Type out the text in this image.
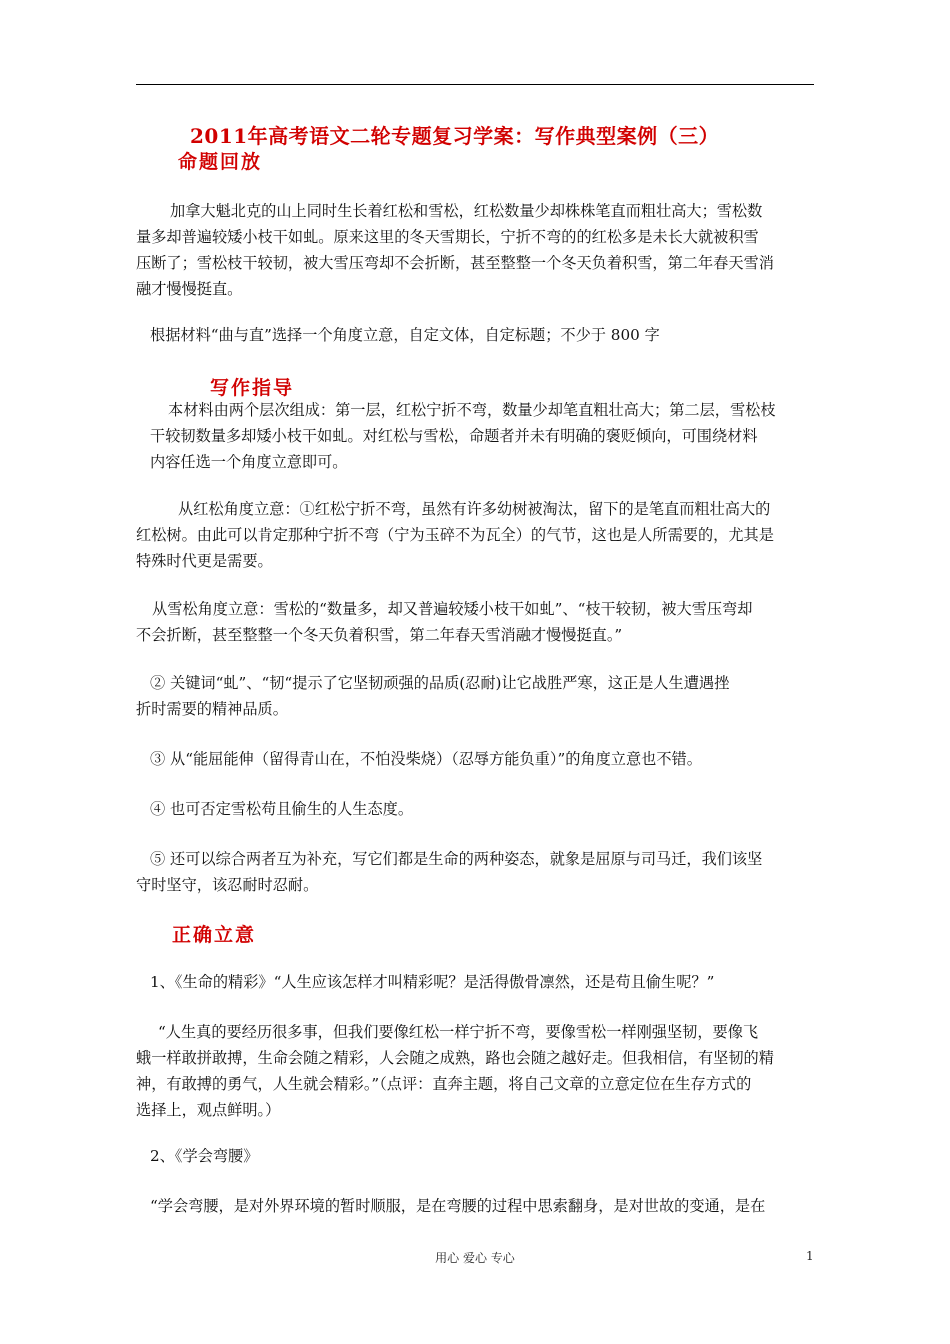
2011年高考语文二轮专题复习学案：写作典型案例（三）
命题回放
加拿大魁北克的山上同时生长着红松和雪松，红松数量少却株株笔直而粗壮高大；雪松数
量多却普遍较矮小枝干如虬。原来这里的冬天雪期长，宁折不弯的的红松多是未长大就被积雪
压断了；雪松枝干较韧，被大雪压弯却不会折断，甚至整整一个冬天负着积雪，第二年春天雪消
融才慢慢挺直。
根据材料“曲与直”选择一个角度立意，自定文体，自定标题；不少于 800 字
写作指导
本材料由两个层次组成：第一层，红松宁折不弯，数量少却笔直粗壮高大；第二层，雪松枝
干较韧数量多却矮小枝干如虬。对红松与雪松，命题者并未有明确的褒贬倾向，可围绕材料
内容任选一个角度立意即可。
从红松角度立意：①红松宁折不弯，虽然有许多幼树被淘汰，留下的是笔直而粗壮高大的
红松树。由此可以肯定那种宁折不弯（宁为玉碎不为瓦全）的气节，这也是人所需要的，尤其是
特殊时代更是需要。
从雪松角度立意：雪松的“数量多，却又普遍较矮小枝干如虬”、“枝干较韧，被大雪压弯却
不会折断，甚至整整一个冬天负着积雪，第二年春天雪消融才慢慢挺直。”
② 关键词“虬”、“韧“提示了它坚韧顽强的品质(忍耐)让它战胜严寒，这正是人生遭遇挫
折时需要的精神品质。
③ 从“能屈能伸（留得青山在，不怕没柴烧）（忍辱方能负重）”的角度立意也不错。
④ 也可否定雪松苟且偷生的人生态度。
⑤ 还可以综合两者互为补充，写它们都是生命的两种姿态，就象是屈原与司马迁，我们该坚
守时坚守，该忍耐时忍耐。
正确立意
1、《生命的精彩》“人生应该怎样才叫精彩呢？是活得傲骨凛然，还是苟且偷生呢？”
“人生真的要经历很多事，但我们要像红松一样宁折不弯，要像雪松一样刚强坚韧，要像飞
蛾一样敢拼敢搏，生命会随之精彩，人会随之成熟，路也会随之越好走。但我相信，有坚韧的精
神，有敢搏的勇气，人生就会精彩。”（点评：直奔主题，将自己文章的立意定位在生存方式的
选择上，观点鲜明。）
2、《学会弯腰》
“学会弯腰，是对外界环境的暂时顺服，是在弯腰的过程中思索翻身，是对世故的变通，是在
用心 爱心 专心	1
